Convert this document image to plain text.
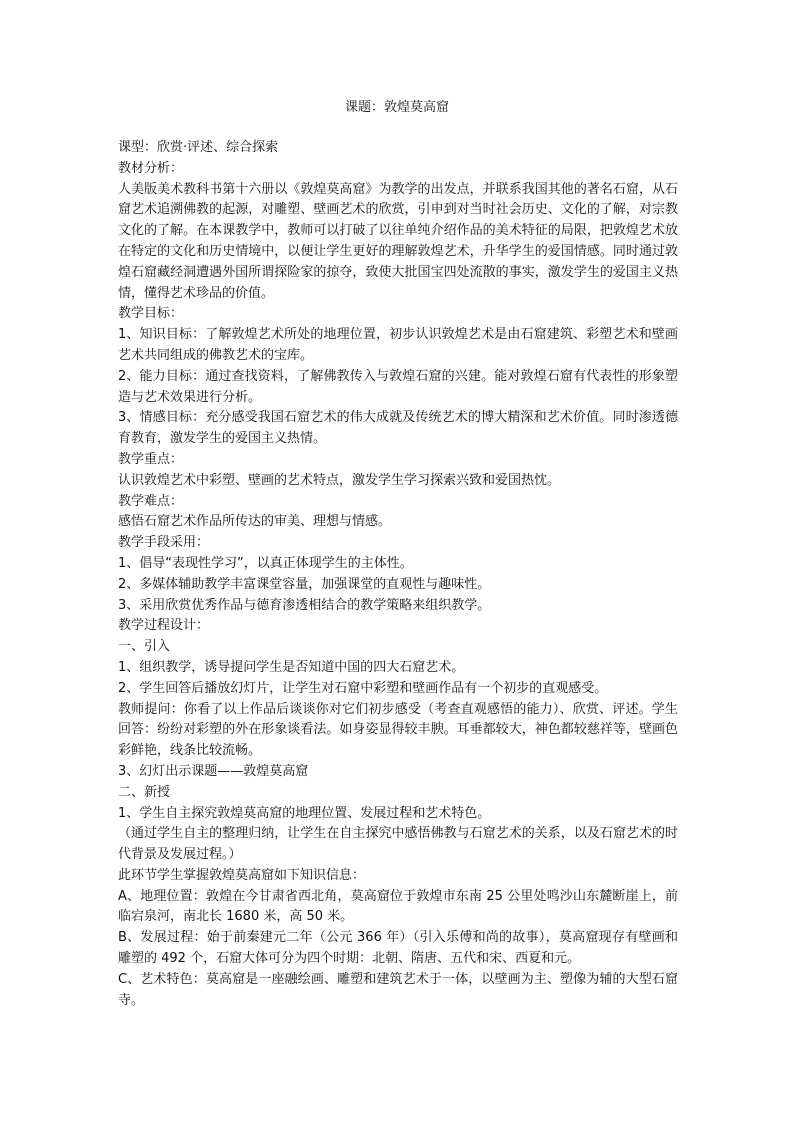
课题：敦煌莫高窟

课型：欣赏·评述、综合探索

教材分析：

人美版美术教科书第十六册以《敦煌莫高窟》为教学的出发点，并联系我国其他的著名石窟，从石窟艺术追溯佛教的起源，对雕塑、壁画艺术的欣赏，引申到对当时社会历史、文化的了解，对宗教文化的了解。在本课教学中，教师可以打破了以往单纯介绍作品的美术特征的局限，把敦煌艺术放在特定的文化和历史情境中，以便让学生更好的理解敦煌艺术，升华学生的爱国情感。同时通过敦煌石窟藏经洞遭遇外国所谓探险家的掠夺，致使大批国宝四处流散的事实，激发学生的爱国主义热情，懂得艺术珍品的价值。

教学目标：

1、知识目标：了解敦煌艺术所处的地理位置，初步认识敦煌艺术是由石窟建筑、彩塑艺术和壁画艺术共同组成的佛教艺术的宝库。

2、能力目标：通过查找资料，了解佛教传入与敦煌石窟的兴建。能对敦煌石窟有代表性的形象塑造与艺术效果进行分析。

3、情感目标：充分感受我国石窟艺术的伟大成就及传统艺术的博大精深和艺术价值。同时渗透德育教育，激发学生的爱国主义热情。

教学重点：

认识敦煌艺术中彩塑、壁画的艺术特点，激发学生学习探索兴致和爱国热忱。

教学难点：

感悟石窟艺术作品所传达的审美、理想与情感。

教学手段采用：

1、倡导“表现性学习”，以真正体现学生的主体性。

2、多媒体辅助教学丰富课堂容量，加强课堂的直观性与趣味性。

3、采用欣赏优秀作品与德育渗透相结合的教学策略来组织教学。

教学过程设计：

一、引入

1、组织教学，诱导提问学生是否知道中国的四大石窟艺术。

2、学生回答后播放幻灯片，让学生对石窟中彩塑和壁画作品有一个初步的直观感受。

教师提问：你看了以上作品后谈谈你对它们初步感受（考查直观感悟的能力）、欣赏、评述。学生回答：纷纷对彩塑的外在形象谈看法。如身姿显得较丰腴。耳垂都较大，神色都较慈祥等，壁画色彩鲜艳，线条比较流畅。

3、幻灯出示课题——敦煌莫高窟

二、新授

1、学生自主探究敦煌莫高窟的地理位置、发展过程和艺术特色。

（通过学生自主的整理归纳，让学生在自主探究中感悟佛教与石窟艺术的关系，以及石窟艺术的时代背景及发展过程。）

此环节学生掌握敦煌莫高窟如下知识信息：

A、地理位置：敦煌在今甘肃省西北角，莫高窟位于敦煌市东南 25 公里处鸣沙山东麓断崖上，前临宕泉河，南北长 1680 米，高 50 米。

B、发展过程：始于前秦建元二年（公元 366 年）（引入乐傅和尚的故事），莫高窟现存有壁画和雕塑的 492 个，石窟大体可分为四个时期：北朝、隋唐、五代和宋、西夏和元。

C、艺术特色：莫高窟是一座融绘画、雕塑和建筑艺术于一体，以壁画为主、塑像为辅的大型石窟寺。
